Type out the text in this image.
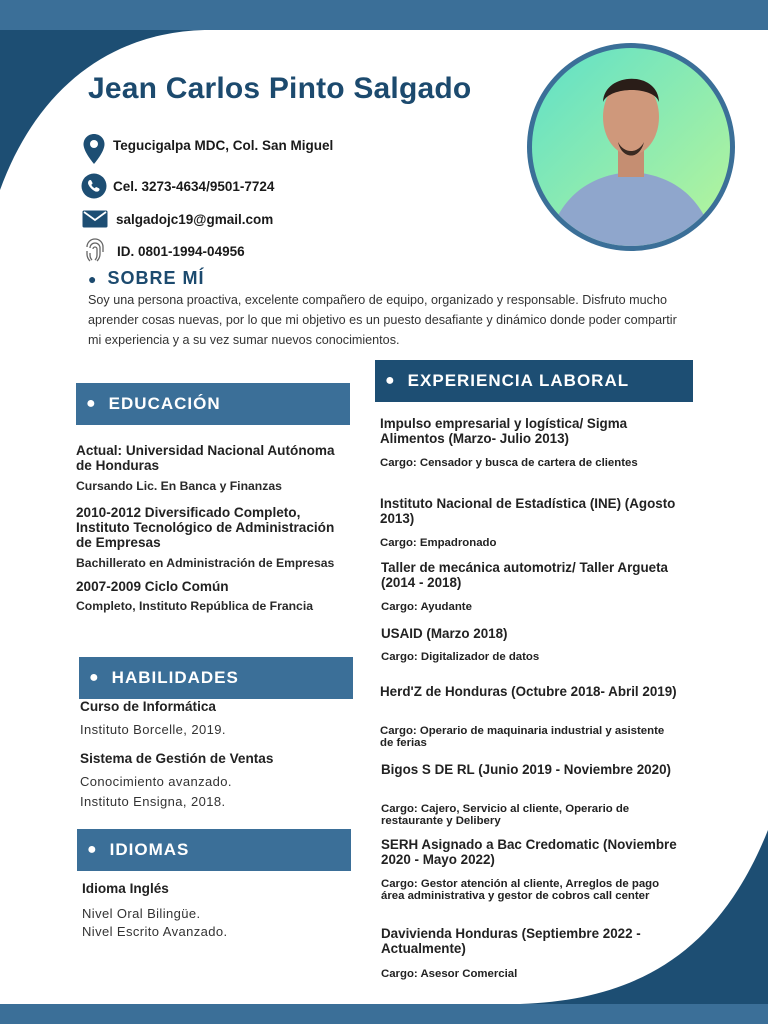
Jean Carlos Pinto Salgado
Tegucigalpa MDC, Col. San Miguel
Cel. 3273-4634/9501-7724
salgadojc19@gmail.com
ID. 0801-1994-04956
● SOBRE MÍ
Soy una persona proactiva, excelente compañero de equipo, organizado y responsable. Disfruto mucho aprender cosas nuevas, por lo que mi objetivo es un puesto desafiante y dinámico donde poder compartir mi experiencia y a su vez sumar nuevos conocimientos.
● EDUCACIÓN
Actual: Universidad Nacional Autónoma de Honduras
Cursando Lic. En Banca y Finanzas
2010-2012 Diversificado Completo, Instituto Tecnológico de Administración de Empresas
Bachillerato en Administración de Empresas
2007-2009 Ciclo Común
Completo, Instituto República de Francia
● HABILIDADES
Curso de Informática
Instituto Borcelle, 2019.
Sistema de Gestión de Ventas
Conocimiento avanzado.
Instituto Ensigna, 2018.
● IDIOMAS
Idioma Inglés
Nivel Oral Bilingüe.
Nivel Escrito Avanzado.
● EXPERIENCIA LABORAL
Impulso empresarial y logística/ Sigma Alimentos (Marzo- Julio 2013)
Cargo: Censador y busca de cartera de clientes
Instituto Nacional de Estadística (INE) (Agosto 2013)
Cargo: Empadronado
Taller de mecánica automotriz/ Taller Argueta (2014 - 2018)
Cargo: Ayudante
USAID (Marzo 2018)
Cargo: Digitalizador de datos
Herd'Z de Honduras (Octubre 2018- Abril 2019)
Cargo: Operario de maquinaria industrial y asistente de ferias
Bigos S DE RL (Junio 2019 - Noviembre 2020)
Cargo: Cajero, Servicio al cliente, Operario de restaurante y Delibery
SERH Asignado a Bac Credomatic (Noviembre 2020 - Mayo 2022)
Cargo: Gestor atención al cliente, Arreglos de pago área administrativa y gestor de cobros call center
Davivienda Honduras (Septiembre 2022 - Actualmente)
Cargo: Asesor Comercial
